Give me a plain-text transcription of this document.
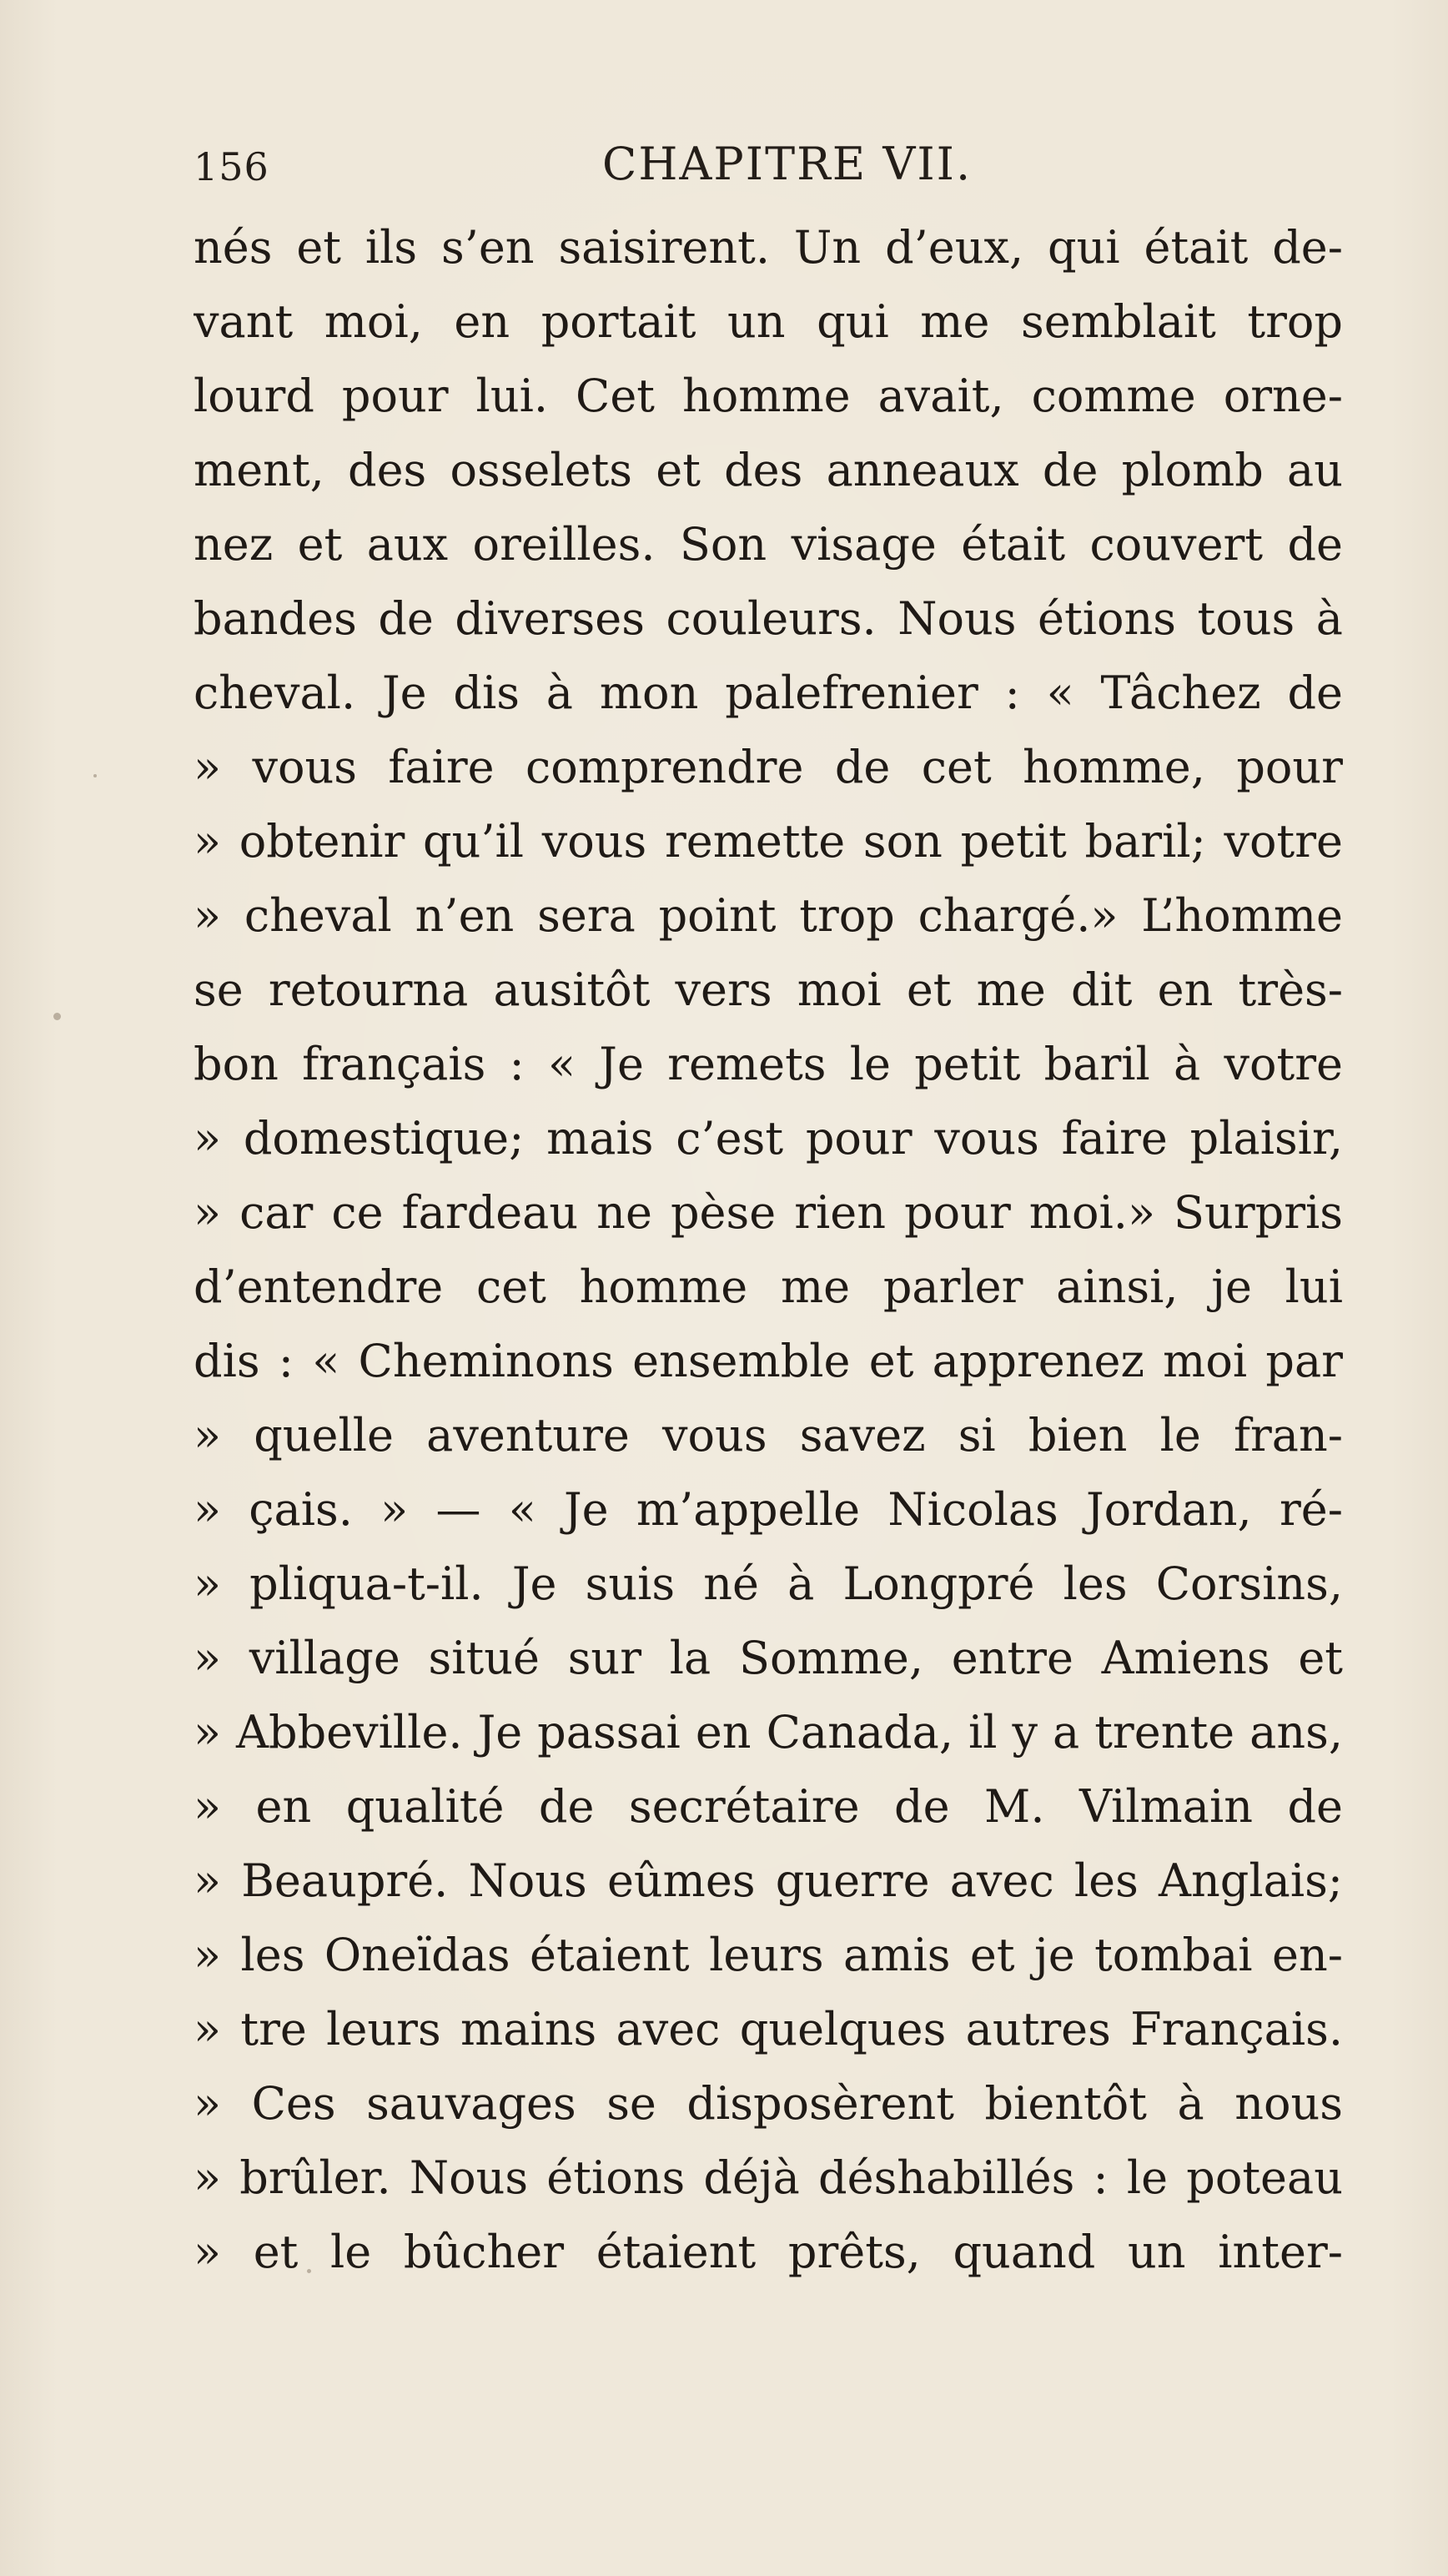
156	CHAPITRE VII.
nés et ils s’en saisirent. Un d’eux, qui était de-
vant moi, en portait un qui me semblait trop
lourd pour lui. Cet homme avait, comme orne-
ment, des osselets et des anneaux de plomb au
nez et aux oreilles. Son visage était couvert de
bandes de diverses couleurs. Nous étions tous à
cheval. Je dis à mon palefrenier : « Tâchez de
» vous faire comprendre de cet homme, pour
» obtenir qu’il vous remette son petit baril; votre
» cheval n’en sera point trop chargé.» L’homme
se retourna ausitôt vers moi et me dit en très-
bon français : « Je remets le petit baril à votre
» domestique; mais c’est pour vous faire plaisir,
» car ce fardeau ne pèse rien pour moi.» Surpris
d’entendre cet homme me parler ainsi, je lui
dis : « Cheminons ensemble et apprenez moi par
» quelle aventure vous savez si bien le fran-
» çais. » — « Je m’appelle Nicolas Jordan, ré-
» pliqua-t-il. Je suis né à Longpré les Corsins,
» village situé sur la Somme, entre Amiens et
» Abbeville. Je passai en Canada, il y a trente ans,
» en qualité de secrétaire de M. Vilmain de
» Beaupré. Nous eûmes guerre avec les Anglais;
» les Oneïdas étaient leurs amis et je tombai en-
» tre leurs mains avec quelques autres Français.
» Ces sauvages se disposèrent bientôt à nous
» brûler. Nous étions déjà déshabillés : le poteau
» et le bûcher étaient prêts, quand un inter-
